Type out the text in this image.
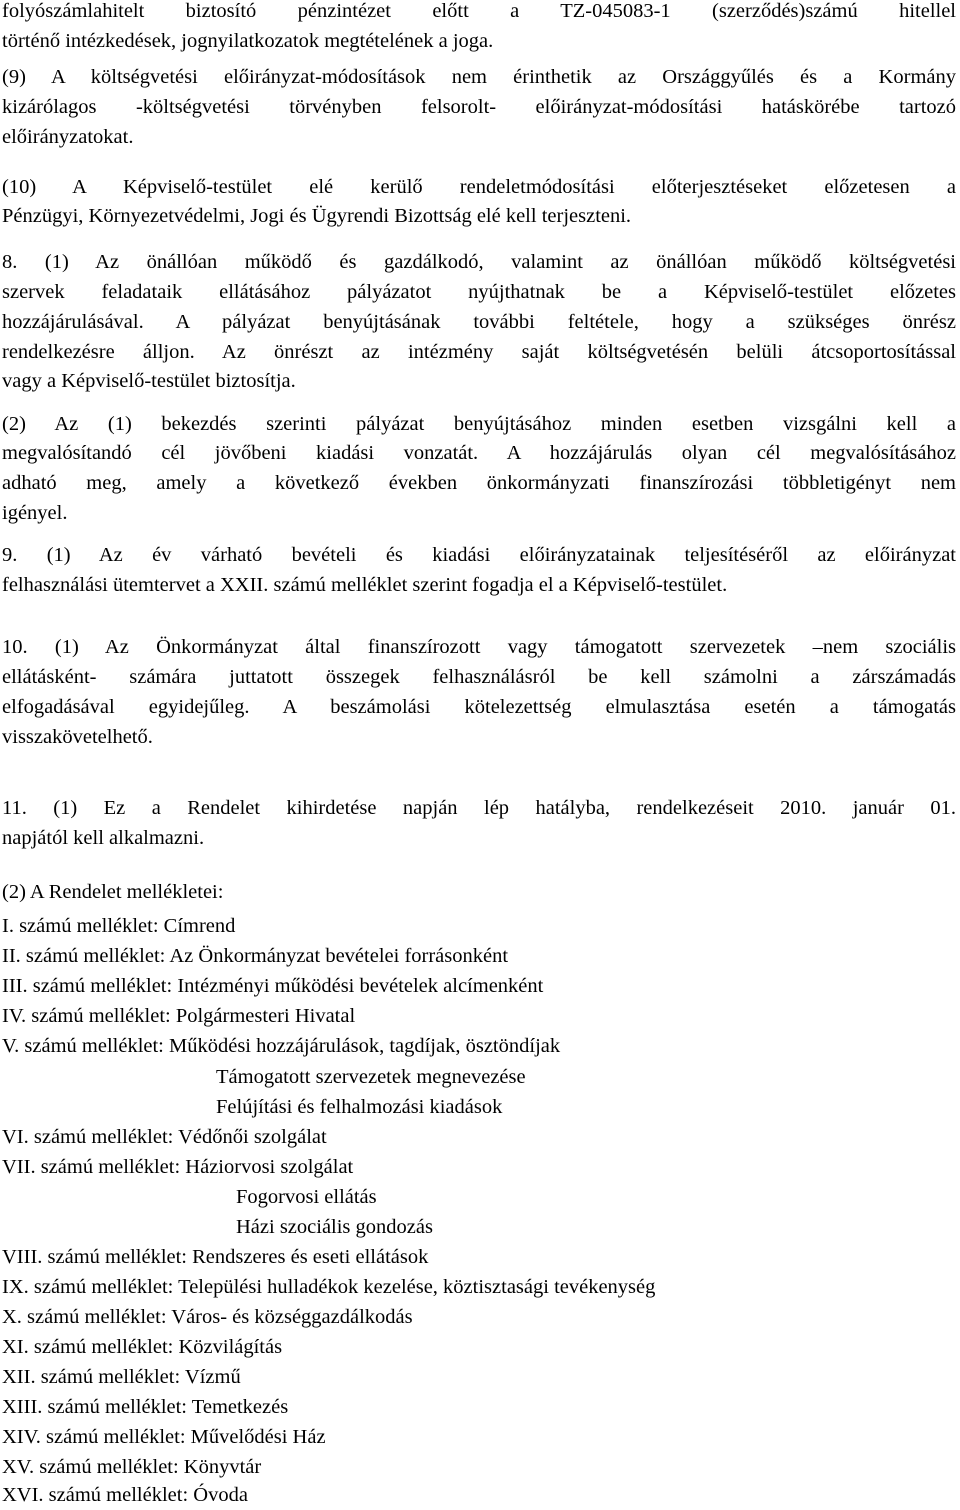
folyószámlahitelt biztosító pénzintézet előtt a TZ-045083-1 (szerződés)számú hitellel
történő intézkedések, jognyilatkozatok megtételének a joga.
(9) A költségvetési előirányzat-módosítások nem érinthetik az Országgyűlés és a Kormány
kizárólagos -költségvetési törvényben felsorolt- előirányzat-módosítási hatáskörébe tartozó
előirányzatokat.
(10) A Képviselő-testület elé kerülő rendeletmódosítási előterjesztéseket előzetesen a
Pénzügyi, Környezetvédelmi, Jogi és Ügyrendi Bizottság elé kell terjeszteni.
8. (1) Az önállóan működő és gazdálkodó, valamint az önállóan működő költségvetési
szervek feladataik ellátásához pályázatot nyújthatnak be a Képviselő-testület előzetes
hozzájárulásával. A pályázat benyújtásának további feltétele, hogy a szükséges önrész
rendelkezésre álljon. Az önrészt az intézmény saját költségvetésén belüli átcsoportosítással
vagy a Képviselő-testület biztosítja.
(2) Az (1) bekezdés szerinti pályázat benyújtásához minden esetben vizsgálni kell a
megvalósítandó cél jövőbeni kiadási vonzatát. A hozzájárulás olyan cél megvalósításához
adható meg, amely a következő években önkormányzati finanszírozási többletigényt nem
igényel.
9. (1) Az év várható bevételi és kiadási előirányzatainak teljesítéséről az előirányzat
felhasználási ütemtervet a XXII. számú melléklet szerint fogadja el a Képviselő-testület.
10. (1) Az Önkormányzat által finanszírozott vagy támogatott szervezetek –nem szociális
ellátásként- számára juttatott összegek felhasználásról be kell számolni a zárszámadás
elfogadásával egyidejűleg. A beszámolási kötelezettség elmulasztása esetén a támogatás
visszakövetelhető.
11. (1) Ez a Rendelet kihirdetése napján lép hatályba, rendelkezéseit 2010. január 01.
napjától kell alkalmazni.
(2) A Rendelet mellékletei:
I. számú melléklet: Címrend
II. számú melléklet: Az Önkormányzat bevételei forrásonként
III. számú melléklet: Intézményi működési bevételek alcímenként
IV. számú melléklet: Polgármesteri Hivatal
V. számú melléklet: Működési hozzájárulások, tagdíjak, ösztöndíjak
Támogatott szervezetek megnevezése
Felújítási és felhalmozási kiadások
VI. számú melléklet: Védőnői szolgálat
VII. számú melléklet: Háziorvosi szolgálat
Fogorvosi ellátás
Házi szociális gondozás
VIII. számú melléklet: Rendszeres és eseti ellátások
IX. számú melléklet: Települési hulladékok kezelése, köztisztasági tevékenység
X. számú melléklet: Város- és községgazdálkodás
XI. számú melléklet: Közvilágítás
XII. számú melléklet: Vízmű
XIII. számú melléklet: Temetkezés
XIV. számú melléklet: Művelődési Ház
XV. számú melléklet: Könyvtár
XVI. számú melléklet: Óvoda
